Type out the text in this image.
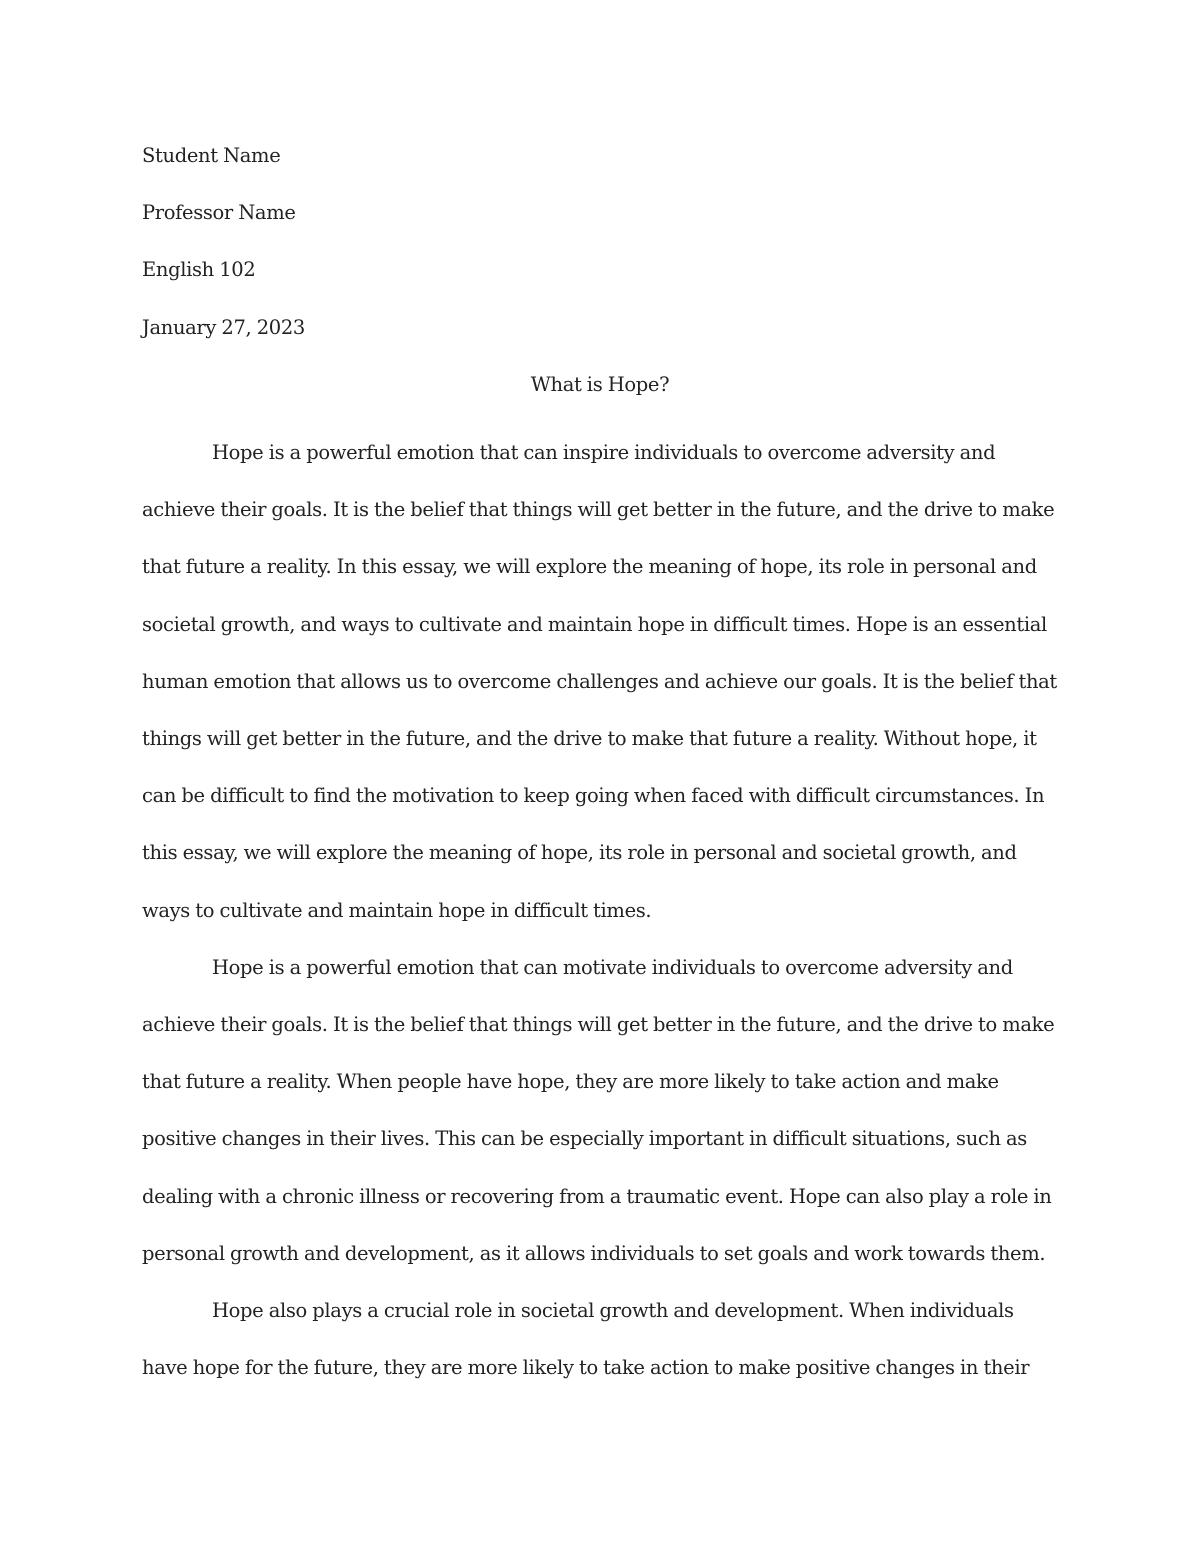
Student Name
Professor Name
English 102
January 27, 2023
What is Hope?

Hope is a powerful emotion that can inspire individuals to overcome adversity and achieve their goals. It is the belief that things will get better in the future, and the drive to make that future a reality. In this essay, we will explore the meaning of hope, its role in personal and societal growth, and ways to cultivate and maintain hope in difficult times. Hope is an essential human emotion that allows us to overcome challenges and achieve our goals. It is the belief that things will get better in the future, and the drive to make that future a reality. Without hope, it can be difficult to find the motivation to keep going when faced with difficult circumstances. In this essay, we will explore the meaning of hope, its role in personal and societal growth, and ways to cultivate and maintain hope in difficult times.

Hope is a powerful emotion that can motivate individuals to overcome adversity and achieve their goals. It is the belief that things will get better in the future, and the drive to make that future a reality. When people have hope, they are more likely to take action and make positive changes in their lives. This can be especially important in difficult situations, such as dealing with a chronic illness or recovering from a traumatic event. Hope can also play a role in personal growth and development, as it allows individuals to set goals and work towards them.

Hope also plays a crucial role in societal growth and development. When individuals have hope for the future, they are more likely to take action to make positive changes in their
